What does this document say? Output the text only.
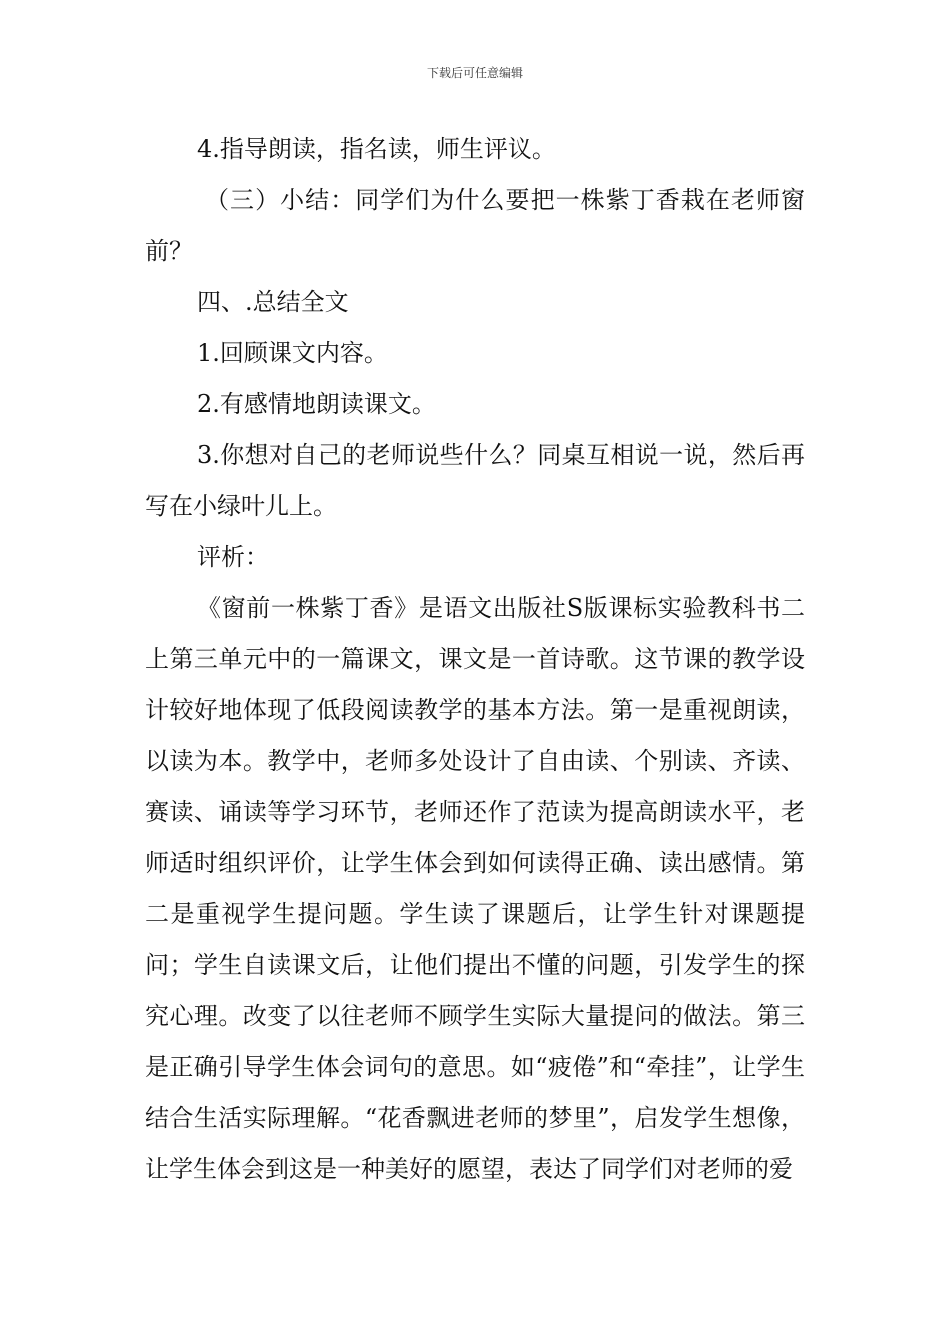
下载后可任意编辑

4.指导朗读，指名读，师生评议。

（三）小结：同学们为什么要把一株紫丁香栽在老师窗前？

四、.总结全文

1.回顾课文内容。

2.有感情地朗读课文。

3.你想对自己的老师说些什么？同桌互相说一说，然后再写在小绿叶儿上。

评析：

《窗前一株紫丁香》是语文出版社S版课标实验教科书二上第三单元中的一篇课文，课文是一首诗歌。这节课的教学设计较好地体现了低段阅读教学的基本方法。第一是重视朗读，以读为本。教学中，老师多处设计了自由读、个别读、齐读、赛读、诵读等学习环节，老师还作了范读为提高朗读水平，老师适时组织评价，让学生体会到如何读得正确、读出感情。第二是重视学生提问题。学生读了课题后，让学生针对课题提问；学生自读课文后，让他们提出不懂的问题，引发学生的探究心理。改变了以往老师不顾学生实际大量提问的做法。第三是正确引导学生体会词句的意思。如“疲倦”和“牵挂”，让学生结合生活实际理解。“花香飘进老师的梦里”，启发学生想像，让学生体会到这是一种美好的愿望，表达了同学们对老师的爱
